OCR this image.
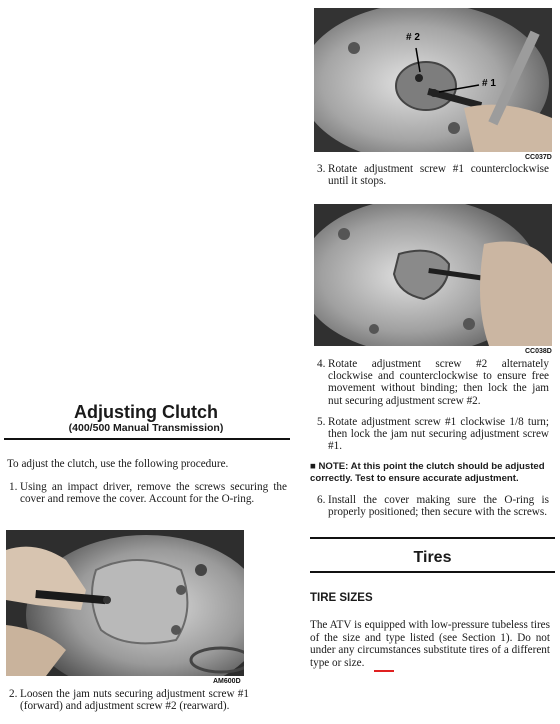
Adjusting Clutch
(400/500 Manual Transmission)
To adjust the clutch, use the following procedure.
1. Using an impact driver, remove the screws securing the cover and remove the cover. Account for the O-ring.
AM600D
2. Loosen the jam nuts securing adjustment screw #1 (forward) and adjustment screw #2 (rearward).
# 2
# 1
CC037D
3. Rotate adjustment screw #1 counterclockwise until it stops.
CC038D
4. Rotate adjustment screw #2 alternately clockwise and counterclockwise to ensure free movement without binding; then lock the jam nut securing adjustment screw #2.
5. Rotate adjustment screw #1 clockwise 1/8 turn; then lock the jam nut securing adjustment screw #1.
■ NOTE: At this point the clutch should be adjusted correctly. Test to ensure accurate adjustment.
6. Install the cover making sure the O-ring is properly positioned; then secure with the screws.
Tires
TIRE SIZES
The ATV is equipped with low-pressure tubeless tires of the size and type listed (see Section 1). Do not under any circumstances substitute tires of a different type or size.
